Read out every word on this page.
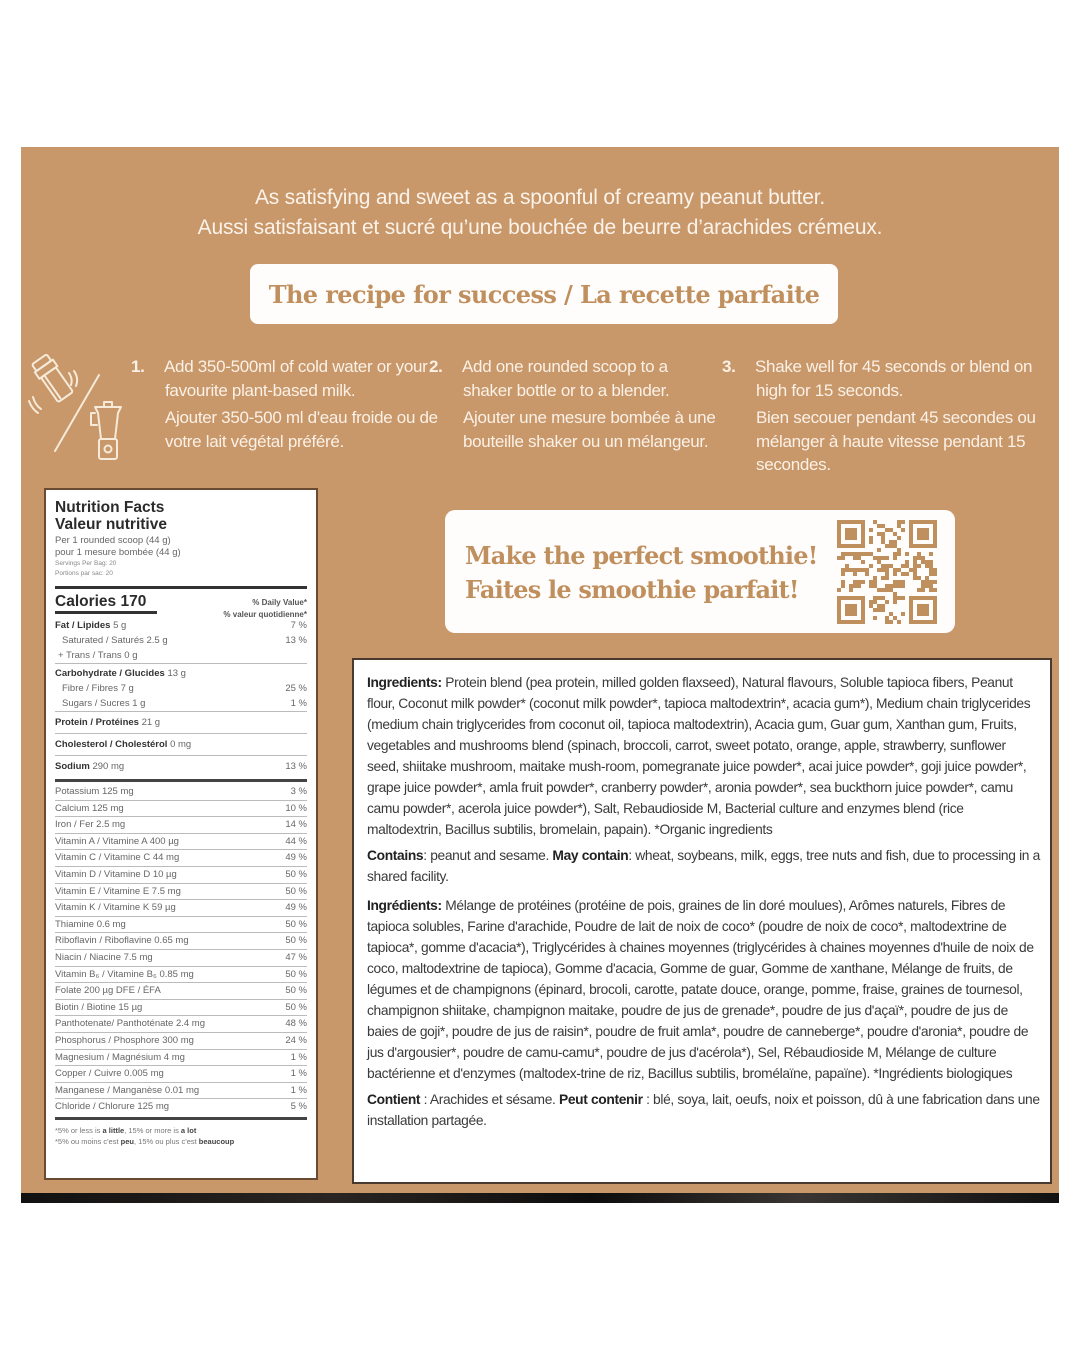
As satisfying and sweet as a spoonful of creamy peanut butter.
Aussi satisfaisant et sucré qu’une bouchée de beurre d’arachides crémeux.
The recipe for success / La recette parfaite
1. Add 350-500ml of cold water or your favourite plant-based milk.
Ajouter 350-500 ml d'eau froide ou de votre lait végétal préféré.
2. Add one rounded scoop to a shaker bottle or to a blender.
Ajouter une mesure bombée à une bouteille shaker ou un mélangeur.
3. Shake well for 45 seconds or blend on high for 15 seconds.
Bien secouer pendant 45 secondes ou mélanger à haute vitesse pendant 15 secondes.
Nutrition Facts
Valeur nutritive
Per 1 rounded scoop (44 g)
pour 1 mesure bombée (44 g)
Servings Per Bag: 20
Portions par sac: 20
Calories 170	% Daily Value*
% valeur quotidienne*
Fat / Lipides 5 g	7 %
Saturated / Saturés 2.5 g	13 %
+ Trans / Trans 0 g
Carbohydrate / Glucides 13 g
Fibre / Fibres 7 g	25 %
Sugars / Sucres 1 g	1 %
Protein / Protéines 21 g
Cholesterol / Cholestérol 0 mg
Sodium 290 mg	13 %
Potassium 125 mg	3 %
Calcium 125 mg	10 %
Iron / Fer 2.5 mg	14 %
Vitamin A / Vitamine A 400 µg	44 %
Vitamin C / Vitamine C 44 mg	49 %
Vitamin D / Vitamine D 10 µg	50 %
Vitamin E / Vitamine E 7.5 mg	50 %
Vitamin K / Vitamine K 59 µg	49 %
Thiamine 0.6 mg	50 %
Riboflavin / Riboflavine 0.65 mg	50 %
Niacin / Niacine 7.5 mg	47 %
Vitamin B₆ / Vitamine B₆ 0.85 mg	50 %
Folate 200 µg DFE / ÉFA	50 %
Biotin / Biotine 15 µg	50 %
Panthotenate/ Panthoténate 2.4 mg	48 %
Phosphorus / Phosphore 300 mg	24 %
Magnesium / Magnésium 4 mg	1 %
Copper / Cuivre 0.005 mg	1 %
Manganese / Manganèse 0.01 mg	1 %
Chloride / Chlorure 125 mg	5 %
*5% or less is a little, 15% or more is a lot
*5% ou moins c'est peu, 15% ou plus c'est beaucoup
Make the perfect smoothie!
Faites le smoothie parfait!

Ingredients: Protein blend (pea protein, milled golden flaxseed), Natural flavours, Soluble tapioca fibers, Peanut flour, Coconut milk powder* (coconut milk powder*, tapioca maltodextrin*, acacia gum*), Medium chain triglycerides (medium chain triglycerides from coconut oil, tapioca maltodextrin), Acacia gum, Guar gum, Xanthan gum, Fruits, vegetables and mushrooms blend (spinach, broccoli, carrot, sweet potato, orange, apple, strawberry, sunflower seed, shiitake mushroom, maitake mush-room, pomegranate juice powder*, acai juice powder*, goji juice powder*, grape juice powder*, amla fruit powder*, cranberry powder*, aronia powder*, sea buckthorn juice powder*, camu camu powder*, acerola juice powder*), Salt, Rebaudioside M, Bacterial culture and enzymes blend (rice maltodextrin, Bacillus subtilis, bromelain, papain). *Organic ingredients

Contains: peanut and sesame. May contain: wheat, soybeans, milk, eggs, tree nuts and fish, due to processing in a shared facility.

Ingrédients: Mélange de protéines (protéine de pois, graines de lin doré moulues), Arômes naturels, Fibres de tapioca solubles, Farine d'arachide, Poudre de lait de noix de coco* (poudre de noix de coco*, maltodextrine de tapioca*, gomme d'acacia*), Triglycérides à chaines moyennes (triglycérides à chaines moyennes d'huile de noix de coco, maltodextrine de tapioca), Gomme d'acacia, Gomme de guar, Gomme de xanthane, Mélange de fruits, de légumes et de champignons (épinard, brocoli, carotte, patate douce, orange, pomme, fraise, graines de tournesol, champignon shiitake, champignon maitake, poudre de jus de grenade*, poudre de jus d'açaï*, poudre de jus de baies de goji*, poudre de jus de raisin*, poudre de fruit amla*, poudre de canneberge*, poudre d'aronia*, poudre de jus d'argousier*, poudre de camu-camu*, poudre de jus d'acérola*), Sel, Rébaudioside M, Mélange de culture bactérienne et d'enzymes (maltodex-trine de riz, Bacillus subtilis, bromélaïne, papaïne). *Ingrédients biologiques

Contient : Arachides et sésame. Peut contenir : blé, soya, lait, oeufs, noix et poisson, dû à une fabrication dans une installation partagée.
